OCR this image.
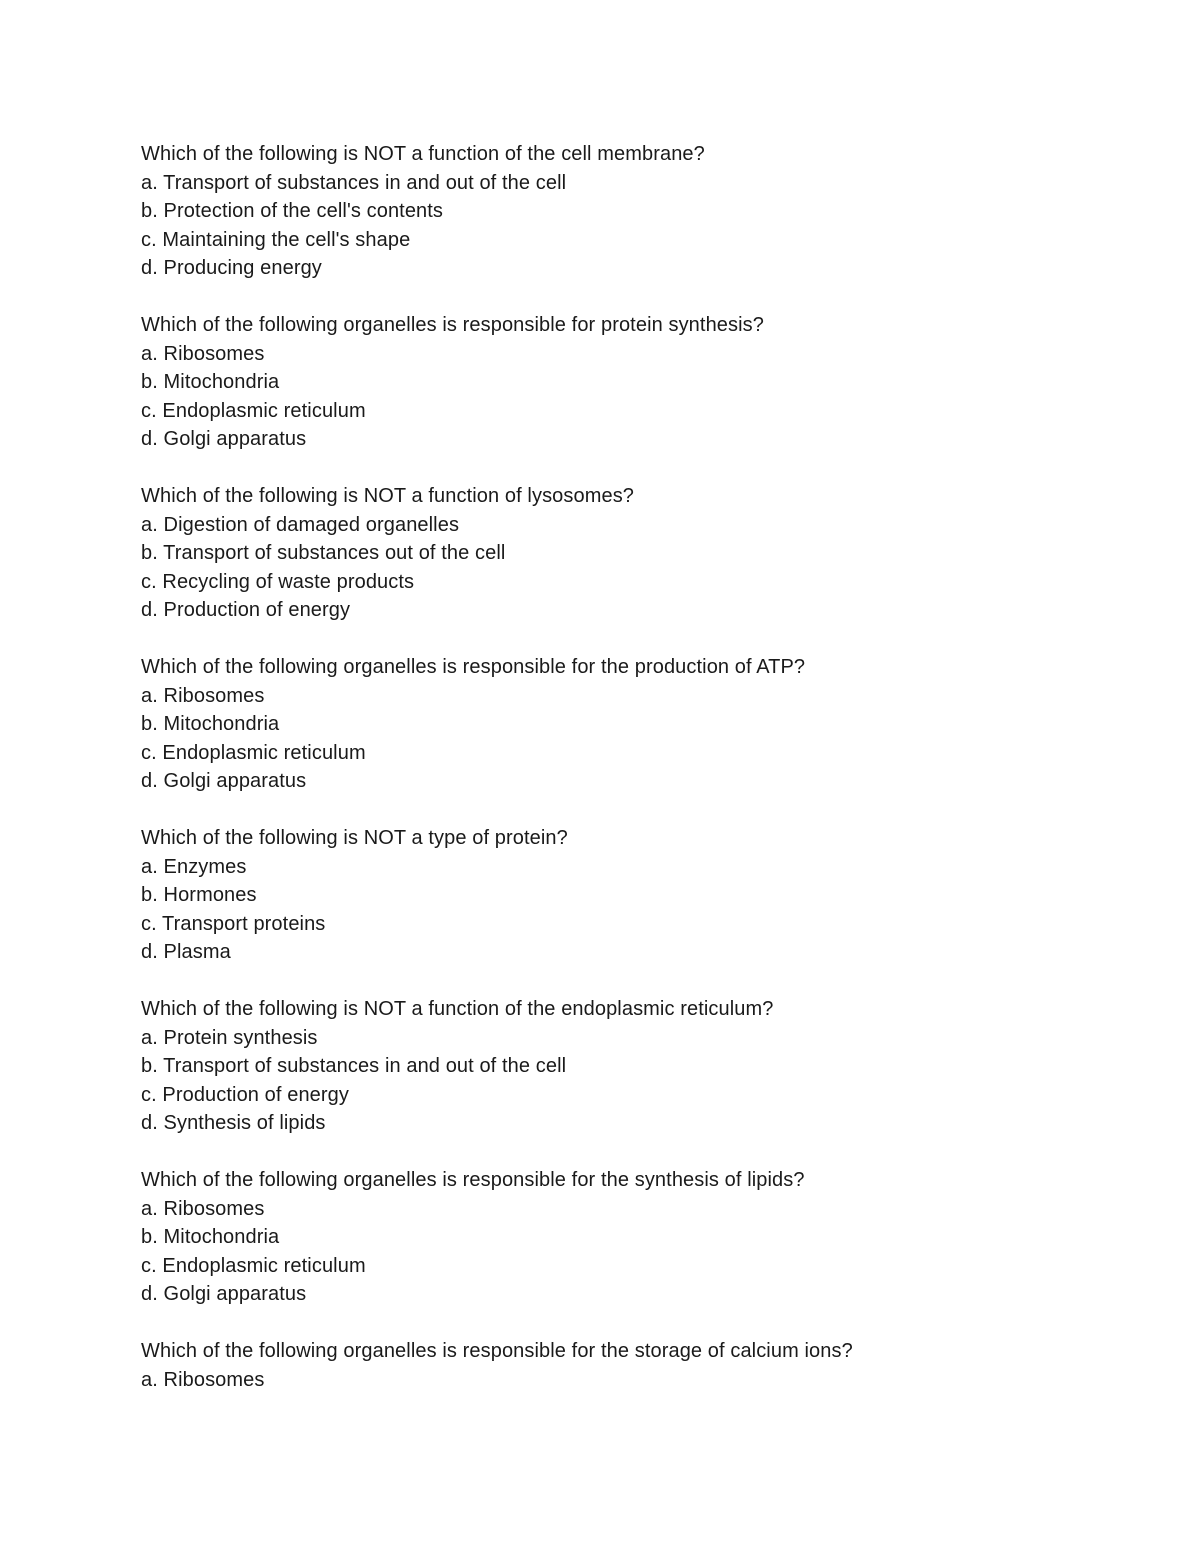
Which of the following is NOT a function of the cell membrane?
a. Transport of substances in and out of the cell
b. Protection of the cell's contents
c. Maintaining the cell's shape
d. Producing energy
Which of the following organelles is responsible for protein synthesis?
a. Ribosomes
b. Mitochondria
c. Endoplasmic reticulum
d. Golgi apparatus
Which of the following is NOT a function of lysosomes?
a. Digestion of damaged organelles
b. Transport of substances out of the cell
c. Recycling of waste products
d. Production of energy
Which of the following organelles is responsible for the production of ATP?
a. Ribosomes
b. Mitochondria
c. Endoplasmic reticulum
d. Golgi apparatus
Which of the following is NOT a type of protein?
a. Enzymes
b. Hormones
c. Transport proteins
d. Plasma
Which of the following is NOT a function of the endoplasmic reticulum?
a. Protein synthesis
b. Transport of substances in and out of the cell
c. Production of energy
d. Synthesis of lipids
Which of the following organelles is responsible for the synthesis of lipids?
a. Ribosomes
b. Mitochondria
c. Endoplasmic reticulum
d. Golgi apparatus
Which of the following organelles is responsible for the storage of calcium ions?
a. Ribosomes
